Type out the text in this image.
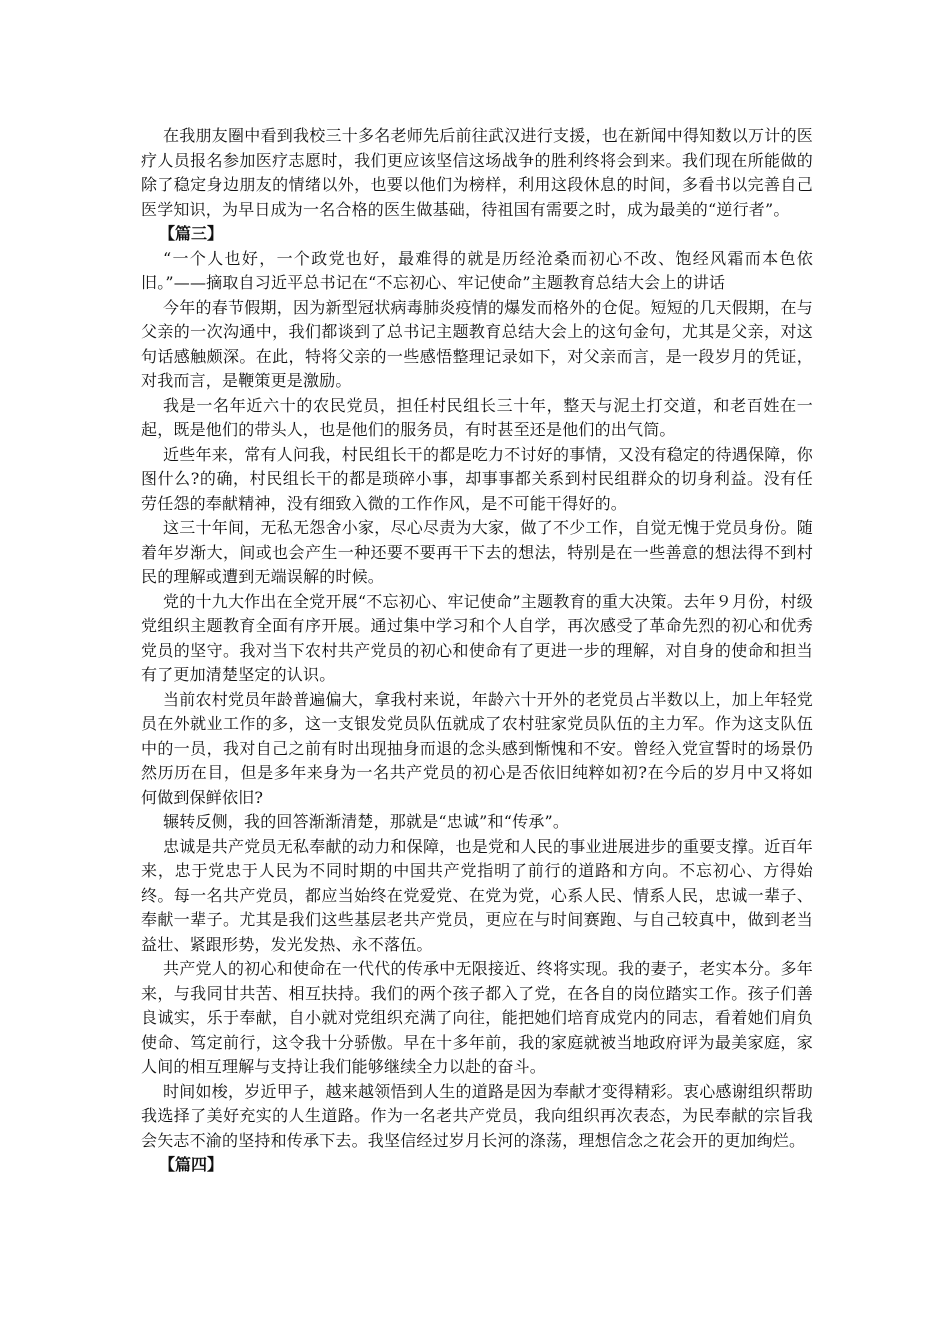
在我朋友圈中看到我校三十多名老师先后前往武汉进行支援，也在新闻中得知数以万计的医疗人员报名参加医疗志愿时，我们更应该坚信这场战争的胜利终将会到来。我们现在所能做的除了稳定身边朋友的情绪以外，也要以他们为榜样，利用这段休息的时间，多看书以完善自己医学知识，为早日成为一名合格的医生做基础，待祖国有需要之时，成为最美的“逆行者”。

【篇三】

“一个人也好，一个政党也好，最难得的就是历经沧桑而初心不改、饱经风霜而本色依旧。”——摘取自习近平总书记在“不忘初心、牢记使命”主题教育总结大会上的讲话

今年的春节假期，因为新型冠状病毒肺炎疫情的爆发而格外的仓促。短短的几天假期，在与父亲的一次沟通中，我们都谈到了总书记主题教育总结大会上的这句金句，尤其是父亲，对这句话感触颇深。在此，特将父亲的一些感悟整理记录如下，对父亲而言，是一段岁月的凭证，对我而言，是鞭策更是激励。

我是一名年近六十的农民党员，担任村民组长三十年，整天与泥土打交道，和老百姓在一起，既是他们的带头人，也是他们的服务员，有时甚至还是他们的出气筒。

近些年来，常有人问我，村民组长干的都是吃力不讨好的事情，又没有稳定的待遇保障，你图什么?的确，村民组长干的都是琐碎小事，却事事都关系到村民组群众的切身利益。没有任劳任怨的奉献精神，没有细致入微的工作作风，是不可能干得好的。

这三十年间，无私无怨舍小家，尽心尽责为大家，做了不少工作，自觉无愧于党员身份。随着年岁渐大，间或也会产生一种还要不要再干下去的想法，特别是在一些善意的想法得不到村民的理解或遭到无端误解的时候。

党的十九大作出在全党开展“不忘初心、牢记使命”主题教育的重大决策。去年９月份，村级党组织主题教育全面有序开展。通过集中学习和个人自学，再次感受了革命先烈的初心和优秀党员的坚守。我对当下农村共产党员的初心和使命有了更进一步的理解，对自身的使命和担当有了更加清楚坚定的认识。

当前农村党员年龄普遍偏大，拿我村来说，年龄六十开外的老党员占半数以上，加上年轻党员在外就业工作的多，这一支银发党员队伍就成了农村驻家党员队伍的主力军。作为这支队伍中的一员，我对自己之前有时出现抽身而退的念头感到惭愧和不安。曾经入党宣誓时的场景仍然历历在目，但是多年来身为一名共产党员的初心是否依旧纯粹如初?在今后的岁月中又将如何做到保鲜依旧?

辗转反侧，我的回答渐渐清楚，那就是“忠诚”和“传承”。

忠诚是共产党员无私奉献的动力和保障，也是党和人民的事业进展进步的重要支撑。近百年来，忠于党忠于人民为不同时期的中国共产党指明了前行的道路和方向。不忘初心、方得始终。每一名共产党员，都应当始终在党爱党、在党为党，心系人民、情系人民，忠诚一辈子、奉献一辈子。尤其是我们这些基层老共产党员，更应在与时间赛跑、与自己较真中，做到老当益壮、紧跟形势，发光发热、永不落伍。

共产党人的初心和使命在一代代的传承中无限接近、终将实现。我的妻子，老实本分。多年来，与我同甘共苦、相互扶持。我们的两个孩子都入了党，在各自的岗位踏实工作。孩子们善良诚实，乐于奉献，自小就对党组织充满了向往，能把她们培育成党内的同志，看着她们肩负使命、笃定前行，这令我十分骄傲。早在十多年前，我的家庭就被当地政府评为最美家庭，家人间的相互理解与支持让我们能够继续全力以赴的奋斗。

时间如梭，岁近甲子，越来越领悟到人生的道路是因为奉献才变得精彩。衷心感谢组织帮助我选择了美好充实的人生道路。作为一名老共产党员，我向组织再次表态，为民奉献的宗旨我会矢志不渝的坚持和传承下去。我坚信经过岁月长河的涤荡，理想信念之花会开的更加绚烂。

【篇四】
